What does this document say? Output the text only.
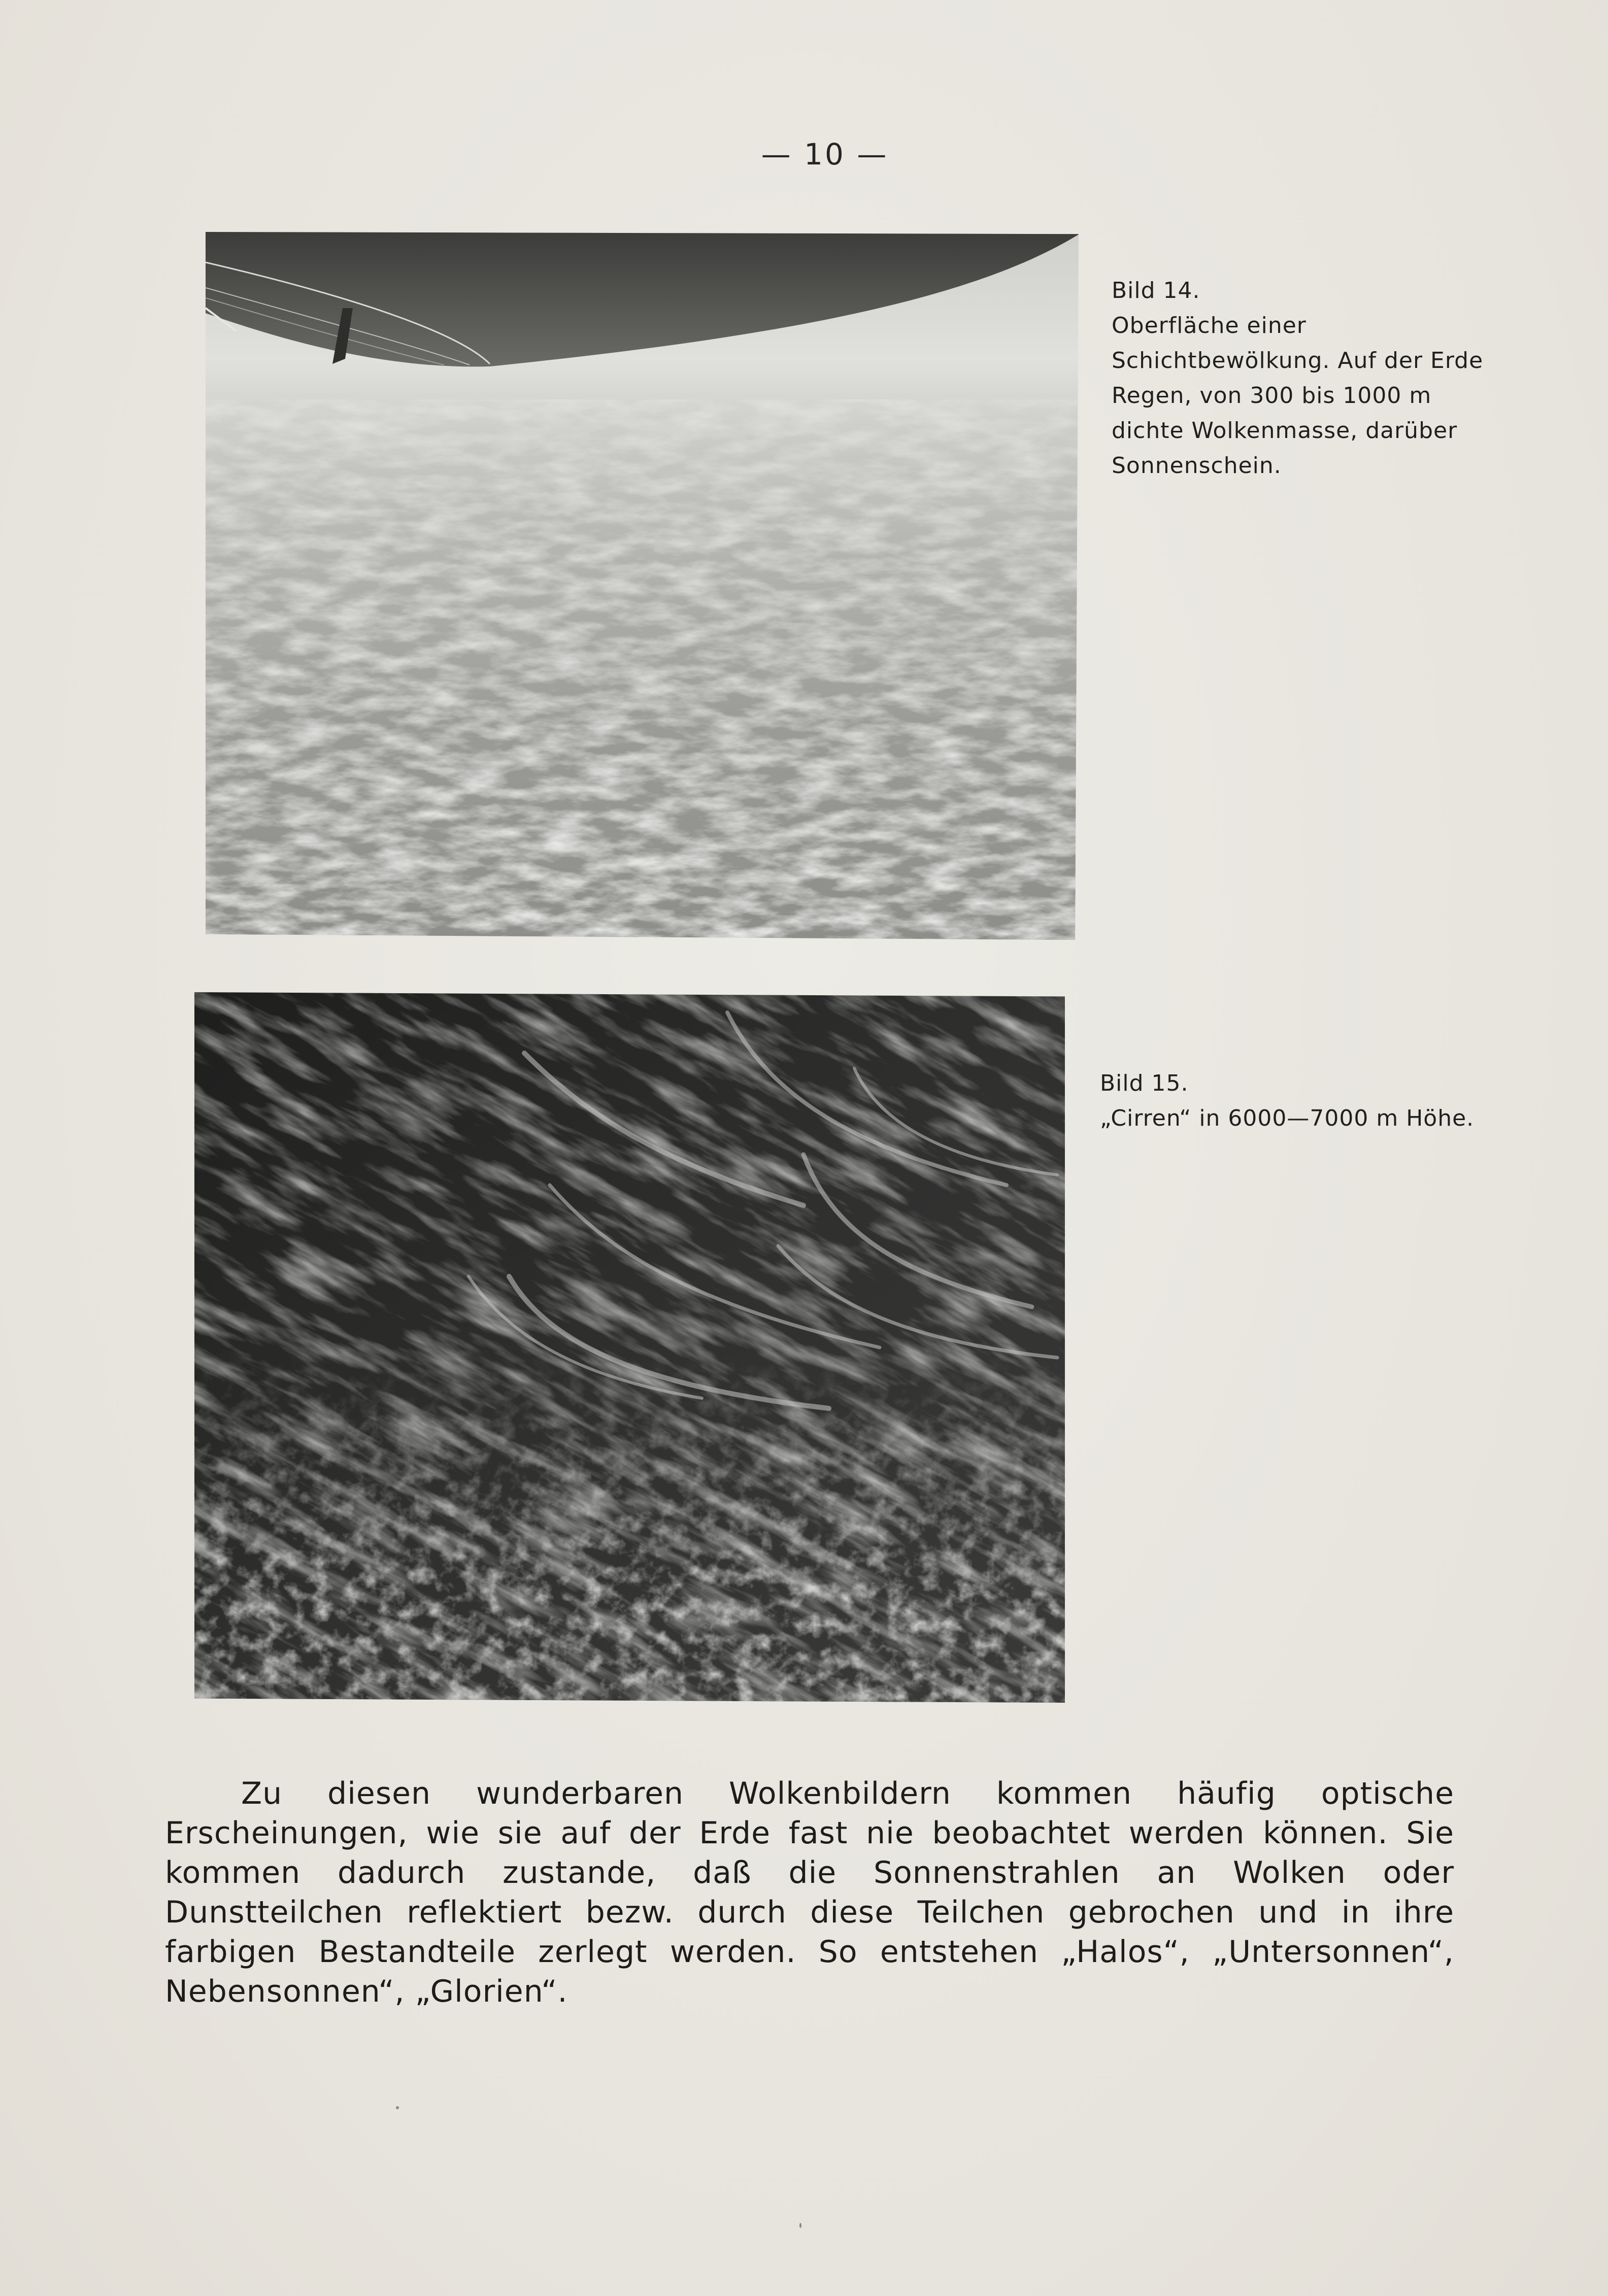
— 10 —
Bild 14.
Oberfläche einer Schichtbewölkung. Auf der Erde Regen, von 300 bis 1000 m dichte Wolkenmasse, darüber Sonnenschein.
Bild 15.
„Cirren“ in 6000—7000 m Höhe.
Zu diesen wunderbaren Wolkenbildern kommen häufig optische Erscheinungen, wie sie auf der Erde fast nie beobachtet werden können. Sie kommen dadurch zustande, daß die Sonnenstrahlen an Wolken oder Dunstteilchen reflektiert bezw. durch diese Teilchen gebrochen und in ihre farbigen Bestandteile zerlegt werden. So entstehen „Halos“, „Untersonnen“, Nebensonnen“, „Glorien“.
